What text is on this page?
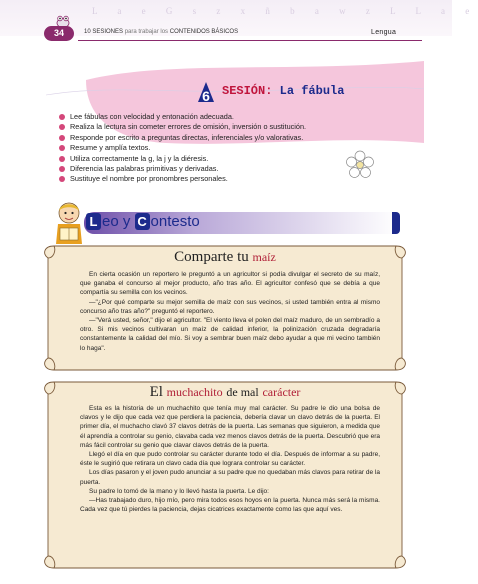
L a e G s z x ñ b a w z L L a e
34	10 SESIONES para trabajar los CONTENIDOS BÁSICOS	Lengua
6 SESIÓN: La fábula
Lee fábulas con velocidad y entonación adecuada.
Realiza la lectura sin cometer errores de omisión, inversión o sustitución.
Responde por escrito a preguntas directas, inferenciales y/o valorativas.
Resume y amplía textos.
Utiliza correctamente la g, la j y la diéresis.
Diferencia las palabras primitivas y derivadas.
Sustituye el nombre por pronombres personales.
L eo y C ontesto
Comparte tu maíz

En cierta ocasión un reportero le preguntó a un agricultor si podía divulgar el secreto de su maíz, que ganaba el concurso al mejor producto, año tras año. El agricultor confesó que se debía a que compartía su semilla con los vecinos.

—"¿Por qué comparte su mejor semilla de maíz con sus vecinos, si usted también entra al mismo concurso año tras año?" preguntó el reportero.

—"Verá usted, señor," dijo el agricultor. "El viento lleva el polen del maíz maduro, de un sembradío a otro. Si mis vecinos cultivaran un maíz de calidad inferior, la polinización cruzada degradaría constantemente la calidad del mío. Si voy a sembrar buen maíz debo ayudar a que mi vecino también lo haga".

El muchachito de mal carácter

Esta es la historia de un muchachito que tenía muy mal carácter. Su padre le dio una bolsa de clavos y le dijo que cada vez que perdiera la paciencia, debería clavar un clavo detrás de la puerta. El primer día, el muchacho clavó 37 clavos detrás de la puerta. Las semanas que siguieron, a medida que él aprendía a controlar su genio, clavaba cada vez menos clavos detrás de la puerta. Descubrió que era más fácil controlar su genio que clavar clavos detrás de la puerta.

Llegó el día en que pudo controlar su carácter durante todo el día. Después de informar a su padre, éste le sugirió que retirara un clavo cada día que lograra controlar su carácter.

Los días pasaron y el joven pudo anunciar a su padre que no quedaban más clavos para retirar de la puerta.

Su padre lo tomó de la mano y lo llevó hasta la puerta. Le dijo:

—Has trabajado duro, hijo mío, pero mira todos esos hoyos en la puerta. Nunca más será la misma. Cada vez que tú pierdes la paciencia, dejas cicatrices exactamente como las que aquí ves.
